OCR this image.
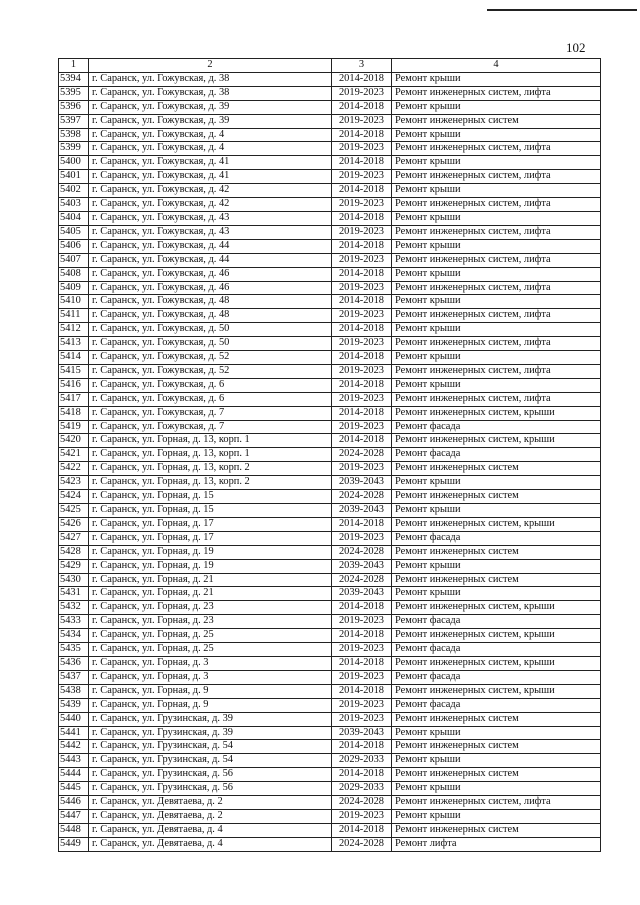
102
1	2	3	4
5394	г. Саранск, ул. Гожувская, д. 38	2014-2018	Ремонт крыши
5395	г. Саранск, ул. Гожувская, д. 38	2019-2023	Ремонт инженерных систем, лифта
5396	г. Саранск, ул. Гожувская, д. 39	2014-2018	Ремонт крыши
5397	г. Саранск, ул. Гожувская, д. 39	2019-2023	Ремонт инженерных систем
5398	г. Саранск, ул. Гожувская, д. 4	2014-2018	Ремонт крыши
5399	г. Саранск, ул. Гожувская, д. 4	2019-2023	Ремонт инженерных систем, лифта
5400	г. Саранск, ул. Гожувская, д. 41	2014-2018	Ремонт крыши
5401	г. Саранск, ул. Гожувская, д. 41	2019-2023	Ремонт инженерных систем, лифта
5402	г. Саранск, ул. Гожувская, д. 42	2014-2018	Ремонт крыши
5403	г. Саранск, ул. Гожувская, д. 42	2019-2023	Ремонт инженерных систем, лифта
5404	г. Саранск, ул. Гожувская, д. 43	2014-2018	Ремонт крыши
5405	г. Саранск, ул. Гожувская, д. 43	2019-2023	Ремонт инженерных систем, лифта
5406	г. Саранск, ул. Гожувская, д. 44	2014-2018	Ремонт крыши
5407	г. Саранск, ул. Гожувская, д. 44	2019-2023	Ремонт инженерных систем, лифта
5408	г. Саранск, ул. Гожувская, д. 46	2014-2018	Ремонт крыши
5409	г. Саранск, ул. Гожувская, д. 46	2019-2023	Ремонт инженерных систем, лифта
5410	г. Саранск, ул. Гожувская, д. 48	2014-2018	Ремонт крыши
5411	г. Саранск, ул. Гожувская, д. 48	2019-2023	Ремонт инженерных систем, лифта
5412	г. Саранск, ул. Гожувская, д. 50	2014-2018	Ремонт крыши
5413	г. Саранск, ул. Гожувская, д. 50	2019-2023	Ремонт инженерных систем, лифта
5414	г. Саранск, ул. Гожувская, д. 52	2014-2018	Ремонт крыши
5415	г. Саранск, ул. Гожувская, д. 52	2019-2023	Ремонт инженерных систем, лифта
5416	г. Саранск, ул. Гожувская, д. 6	2014-2018	Ремонт крыши
5417	г. Саранск, ул. Гожувская, д. 6	2019-2023	Ремонт инженерных систем, лифта
5418	г. Саранск, ул. Гожувская, д. 7	2014-2018	Ремонт инженерных систем, крыши
5419	г. Саранск, ул. Гожувская, д. 7	2019-2023	Ремонт фасада
5420	г. Саранск, ул. Горная, д. 13, корп. 1	2014-2018	Ремонт инженерных систем, крыши
5421	г. Саранск, ул. Горная, д. 13, корп. 1	2024-2028	Ремонт фасада
5422	г. Саранск, ул. Горная, д. 13, корп. 2	2019-2023	Ремонт инженерных систем
5423	г. Саранск, ул. Горная, д. 13, корп. 2	2039-2043	Ремонт крыши
5424	г. Саранск, ул. Горная, д. 15	2024-2028	Ремонт инженерных систем
5425	г. Саранск, ул. Горная, д. 15	2039-2043	Ремонт крыши
5426	г. Саранск, ул. Горная, д. 17	2014-2018	Ремонт инженерных систем, крыши
5427	г. Саранск, ул. Горная, д. 17	2019-2023	Ремонт фасада
5428	г. Саранск, ул. Горная, д. 19	2024-2028	Ремонт инженерных систем
5429	г. Саранск, ул. Горная, д. 19	2039-2043	Ремонт крыши
5430	г. Саранск, ул. Горная, д. 21	2024-2028	Ремонт инженерных систем
5431	г. Саранск, ул. Горная, д. 21	2039-2043	Ремонт крыши
5432	г. Саранск, ул. Горная, д. 23	2014-2018	Ремонт инженерных систем, крыши
5433	г. Саранск, ул. Горная, д. 23	2019-2023	Ремонт фасада
5434	г. Саранск, ул. Горная, д. 25	2014-2018	Ремонт инженерных систем, крыши
5435	г. Саранск, ул. Горная, д. 25	2019-2023	Ремонт фасада
5436	г. Саранск, ул. Горная, д. 3	2014-2018	Ремонт инженерных систем, крыши
5437	г. Саранск, ул. Горная, д. 3	2019-2023	Ремонт фасада
5438	г. Саранск, ул. Горная, д. 9	2014-2018	Ремонт инженерных систем, крыши
5439	г. Саранск, ул. Горная, д. 9	2019-2023	Ремонт фасада
5440	г. Саранск, ул. Грузинская, д. 39	2019-2023	Ремонт инженерных систем
5441	г. Саранск, ул. Грузинская, д. 39	2039-2043	Ремонт крыши
5442	г. Саранск, ул. Грузинская, д. 54	2014-2018	Ремонт инженерных систем
5443	г. Саранск, ул. Грузинская, д. 54	2029-2033	Ремонт крыши
5444	г. Саранск, ул. Грузинская, д. 56	2014-2018	Ремонт инженерных систем
5445	г. Саранск, ул. Грузинская, д. 56	2029-2033	Ремонт крыши
5446	г. Саранск, ул. Девятаева, д. 2	2024-2028	Ремонт инженерных систем, лифта
5447	г. Саранск, ул. Девятаева, д. 2	2019-2023	Ремонт крыши
5448	г. Саранск, ул. Девятаева, д. 4	2014-2018	Ремонт инженерных систем
5449	г. Саранск, ул. Девятаева, д. 4	2024-2028	Ремонт лифта
